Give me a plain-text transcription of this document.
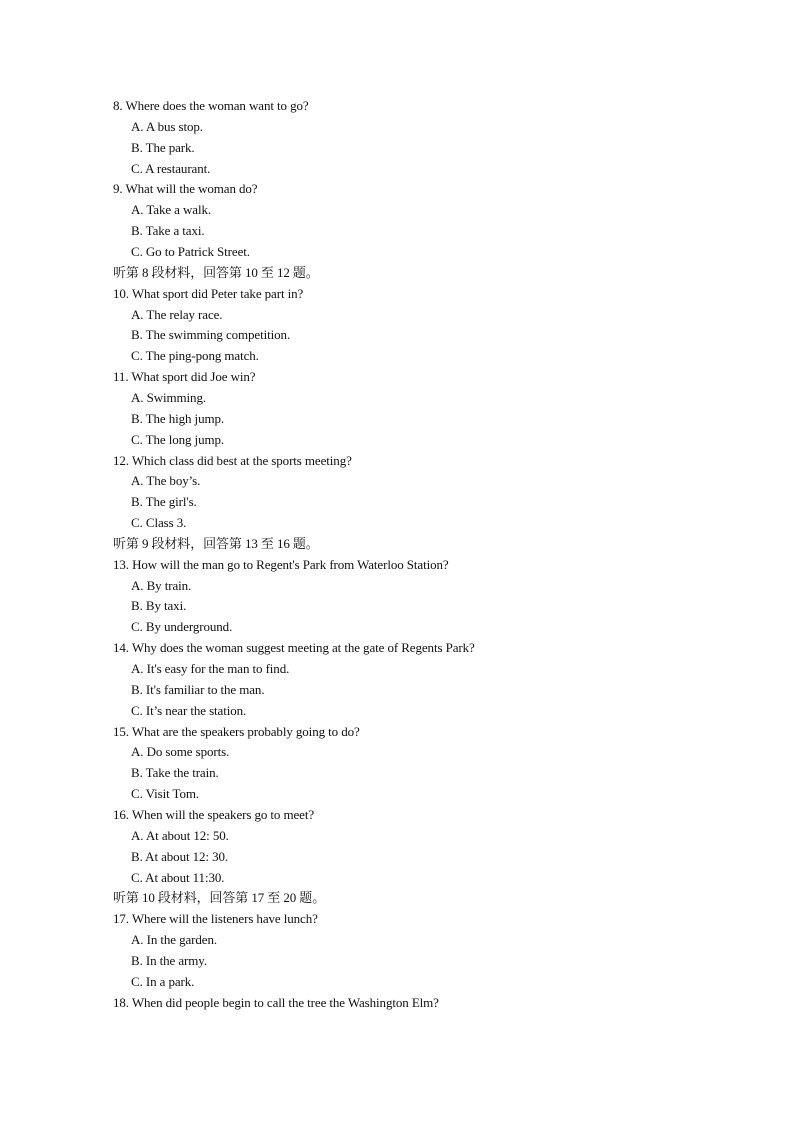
8. Where does the woman want to go?
A. A bus stop.
B. The park.
C. A restaurant.
9. What will the woman do?
A. Take a walk.
B. Take a taxi.
C. Go to Patrick Street.
听第 8 段材料，回答第 10 至 12 题。
10. What sport did Peter take part in?
A. The relay race.
B. The swimming competition.
C. The ping-pong match.
11. What sport did Joe win?
A. Swimming.
B. The high jump.
C. The long jump.
12. Which class did best at the sports meeting?
A. The boy’s.
B. The girl's.
C. Class 3.
听第 9 段材料，回答第 13 至 16 题。
13. How will the man go to Regent's Park from Waterloo Station?
A. By train.
B. By taxi.
C. By underground.
14. Why does the woman suggest meeting at the gate of Regents Park?
A. It's easy for the man to find.
B. It's familiar to the man.
C. It’s near the station.
15. What are the speakers probably going to do?
A. Do some sports.
B. Take the train.
C. Visit Tom.
16. When will the speakers go to meet?
A. At about 12: 50.
B. At about 12: 30.
C. At about 11:30.
听第 10 段材料，回答第 17 至 20 题。
17. Where will the listeners have lunch?
A. In the garden.
B. In the army.
C. In a park.
18. When did people begin to call the tree the Washington Elm?
